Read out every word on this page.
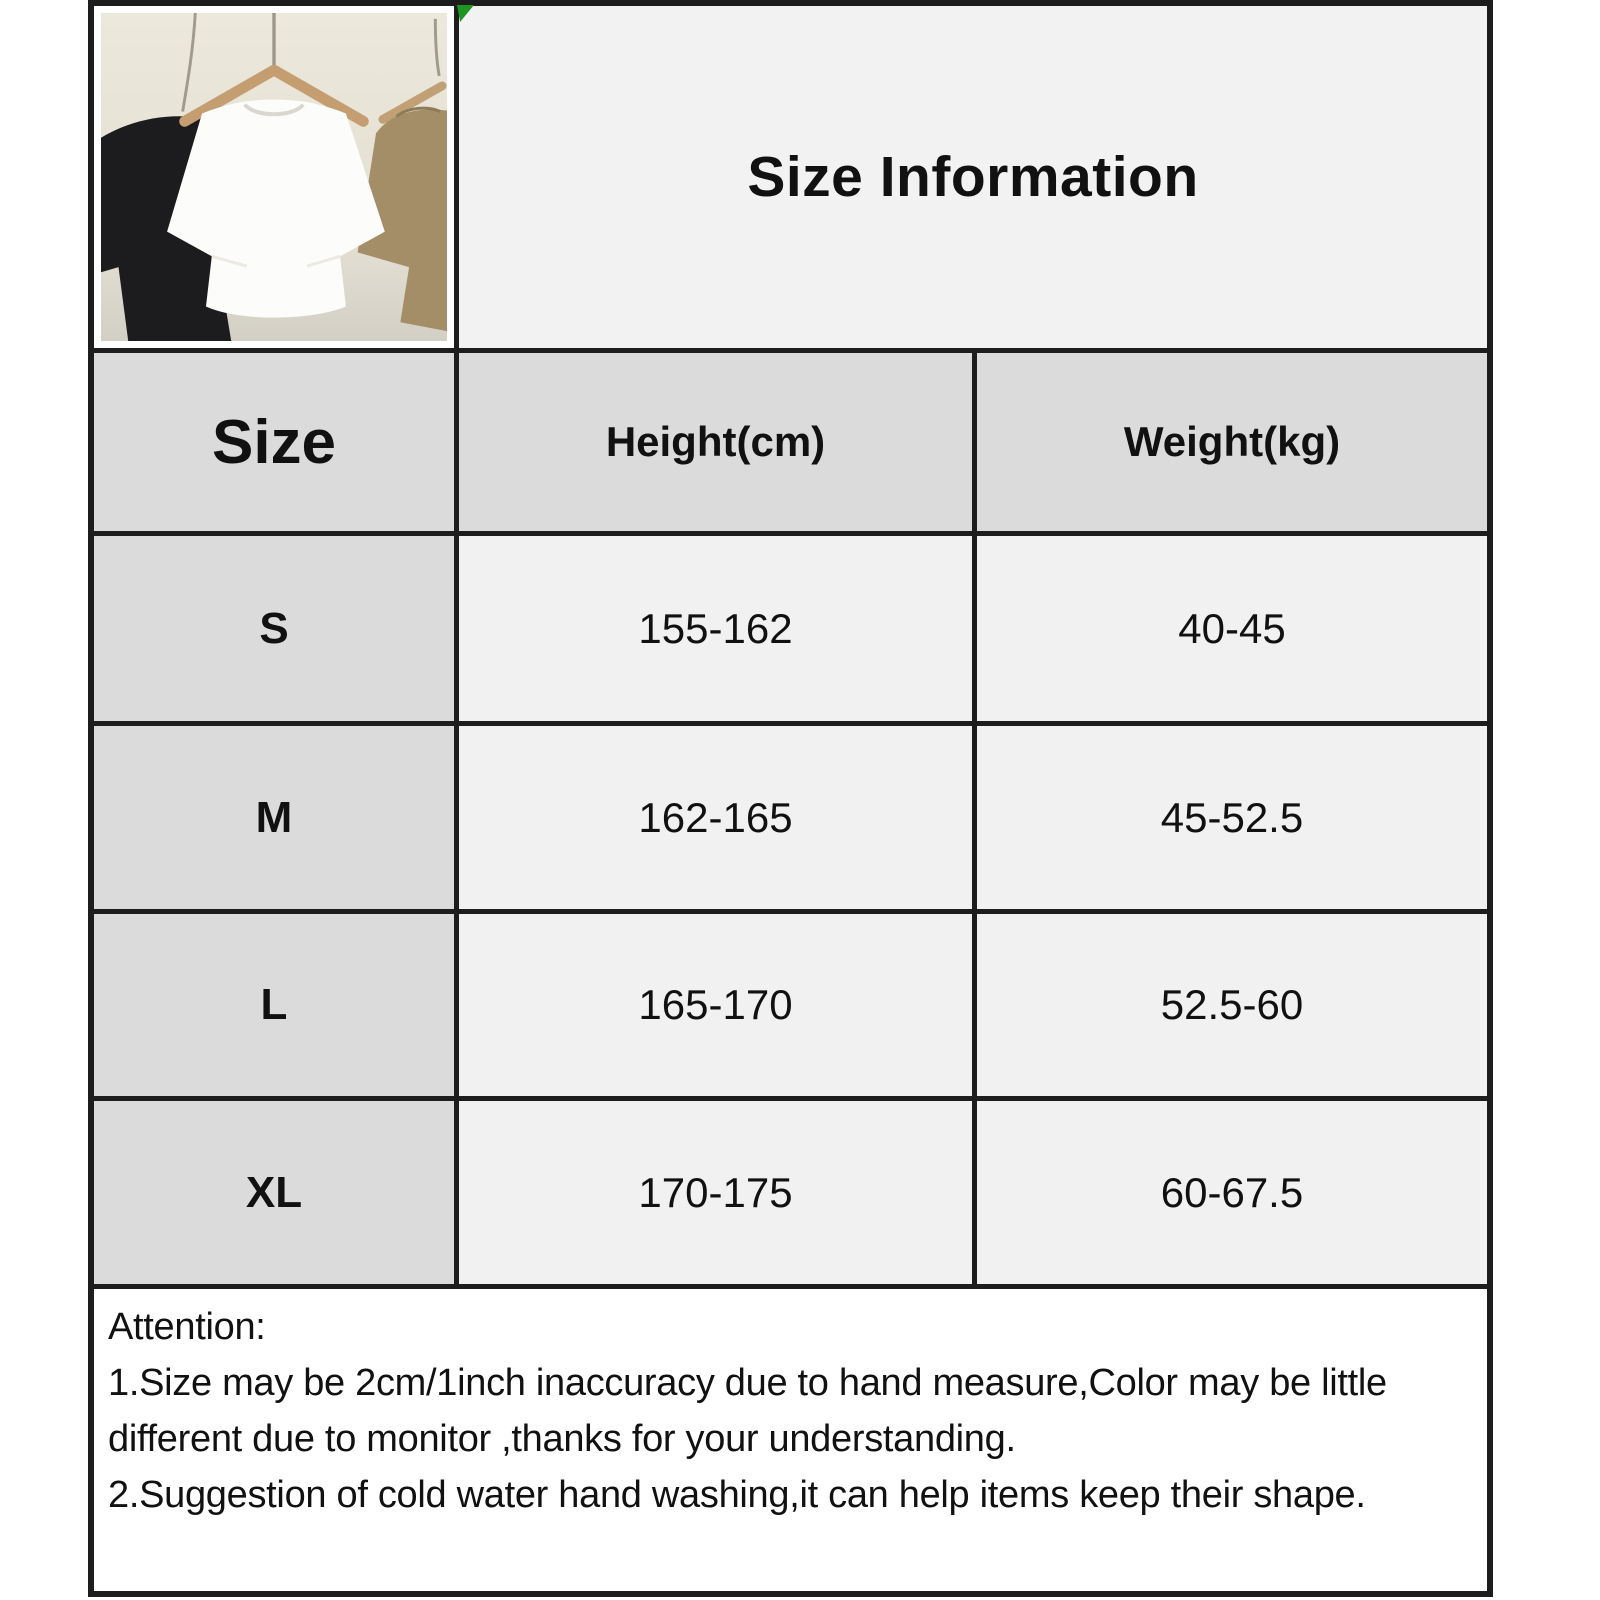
Size Information
Size	Height(cm)	Weight(kg)
S	155-162	40-45
M	162-165	45-52.5
L	165-170	52.5-60
XL	170-175	60-67.5
Attention:
1.Size may be 2cm/1inch inaccuracy due to hand measure,Color may be little
different due to monitor ,thanks for your understanding.
2.Suggestion of cold water hand washing,it can help items keep their shape.
